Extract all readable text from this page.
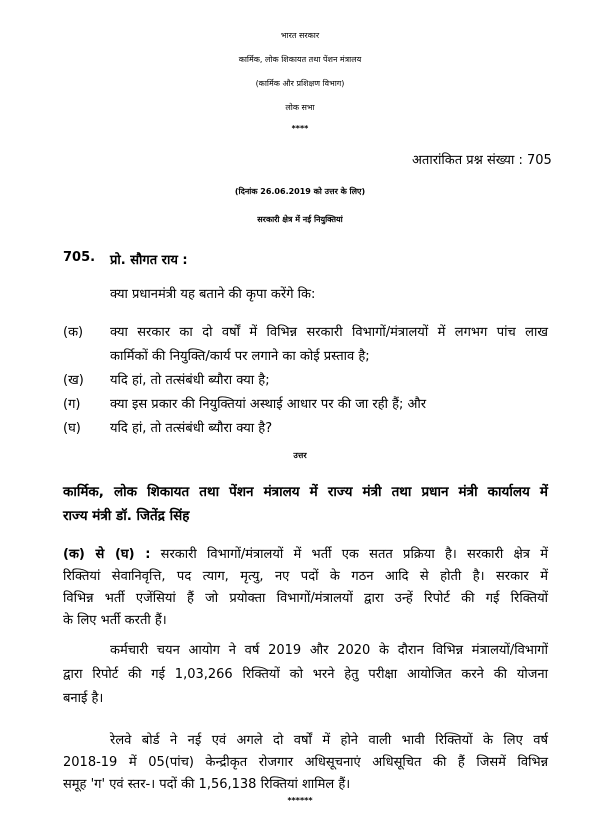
भारत सरकार
कार्मिक, लोक शिकायत तथा पेंशन मंत्रालय
(कार्मिक और प्रशिक्षण विभाग)
लोक सभा
****
अतारांकित प्रश्न संख्या : 705
(दिनांक 26.06.2019 को उत्तर के लिए)
सरकारी क्षेत्र में नई नियुक्तियां
705. प्रो. सौगत राय :
क्या प्रधानमंत्री यह बताने की कृपा करेंगे कि:
(क) क्या सरकार का दो वर्षों में विभिन्न सरकारी विभागों/मंत्रालयों में लगभग पांच लाख
कार्मिकों की नियुक्ति/कार्य पर लगाने का कोई प्रस्ताव है;
(ख) यदि हां, तो तत्संबंधी ब्यौरा क्या है;
(ग) क्या इस प्रकार की नियुक्तियां अस्थाई आधार पर की जा रही हैं; और
(घ) यदि हां, तो तत्संबंधी ब्यौरा क्या है?
उत्तर
कार्मिक, लोक शिकायत तथा पेंशन मंत्रालय में राज्य मंत्री तथा प्रधान मंत्री कार्यालय में
राज्य मंत्री डॉ. जितेंद्र सिंह
(क) से (घ) : सरकारी विभागों/मंत्रालयों में भर्ती एक सतत प्रक्रिया है। सरकारी क्षेत्र में
रिक्तियां सेवानिवृत्ति, पद त्याग, मृत्यु, नए पदों के गठन आदि से होती है। सरकार में
विभिन्न भर्ती एजेंसियां हैं जो प्रयोक्ता विभागों/मंत्रालयों द्वारा उन्हें रिपोर्ट की गई रिक्तियों
के लिए भर्ती करती हैं।
कर्मचारी चयन आयोग ने वर्ष 2019 और 2020 के दौरान विभिन्न मंत्रालयों/विभागों
द्वारा रिपोर्ट की गई 1,03,266 रिक्तियों को भरने हेतु परीक्षा आयोजित करने की योजना
बनाई है।
रेलवे बोर्ड ने नई एवं अगले दो वर्षों में होने वाली भावी रिक्तियों के लिए वर्ष
2018-19 में 05(पांच) केन्द्रीकृत रोजगार अधिसूचनाएं अधिसूचित की हैं जिसमें विभिन्न
समूह 'ग' एवं स्तर-। पदों की 1,56,138 रिक्तियां शामिल हैं।
******
